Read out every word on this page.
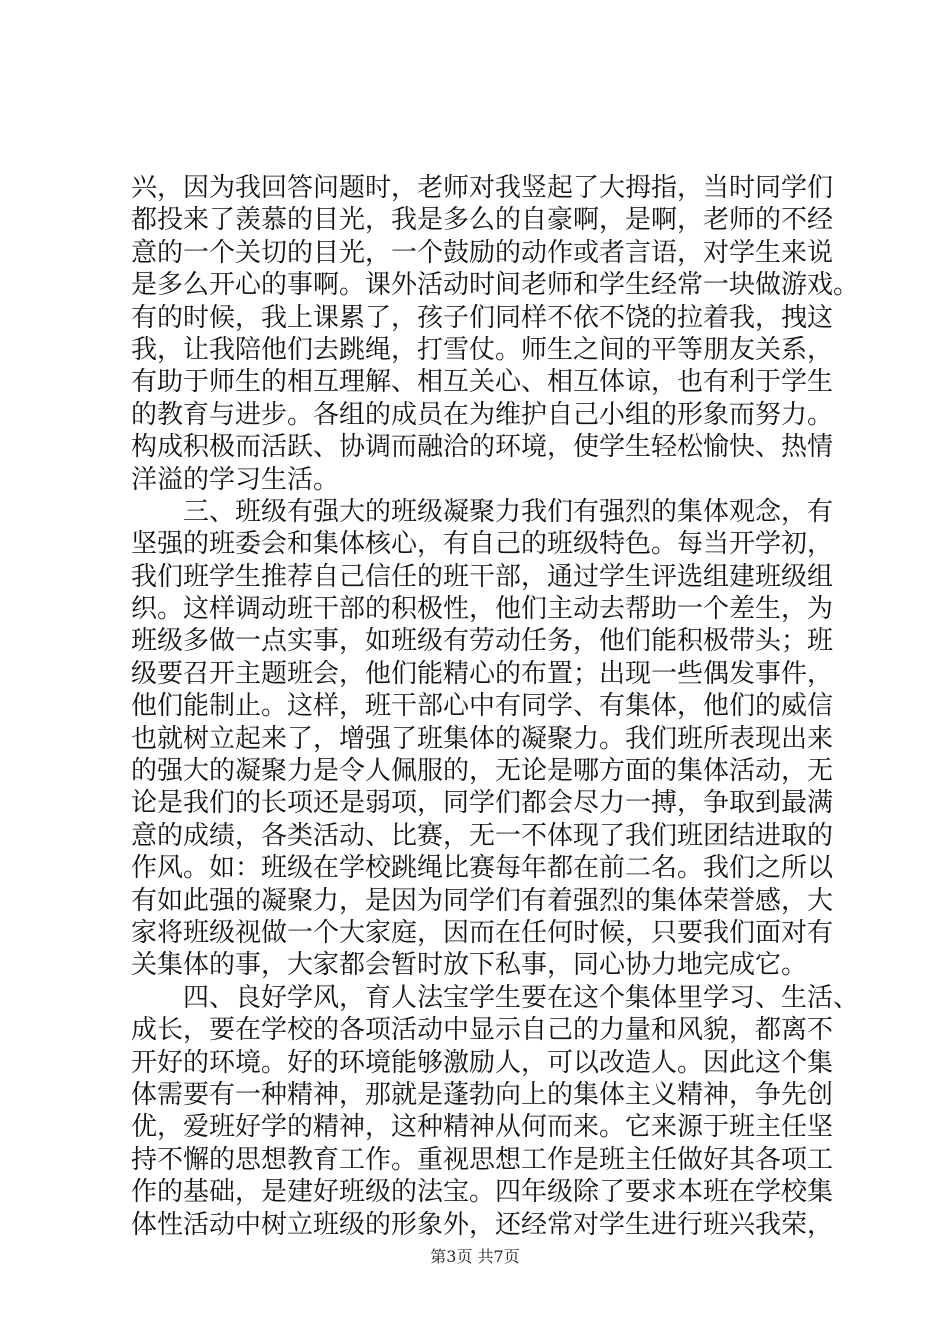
兴，因为我回答问题时，老师对我竖起了大拇指，当时同学们
都投来了羡慕的目光，我是多么的自豪啊，是啊，老师的不经
意的一个关切的目光，一个鼓励的动作或者言语，对学生来说
是多么开心的事啊。课外活动时间老师和学生经常一块做游戏。
有的时候，我上课累了，孩子们同样不依不饶的拉着我，拽这
我，让我陪他们去跳绳，打雪仗。师生之间的平等朋友关系，
有助于师生的相互理解、相互关心、相互体谅，也有利于学生
的教育与进步。各组的成员在为维护自己小组的形象而努力。
构成积极而活跃、协调而融洽的环境，使学生轻松愉快、热情
洋溢的学习生活。
三、班级有强大的班级凝聚力我们有强烈的集体观念，有
坚强的班委会和集体核心，有自己的班级特色。每当开学初，
我们班学生推荐自己信任的班干部，通过学生评选组建班级组
织。这样调动班干部的积极性，他们主动去帮助一个差生，为
班级多做一点实事，如班级有劳动任务，他们能积极带头；班
级要召开主题班会，他们能精心的布置；出现一些偶发事件，
他们能制止。这样，班干部心中有同学、有集体，他们的威信
也就树立起来了，增强了班集体的凝聚力。我们班所表现出来
的强大的凝聚力是令人佩服的，无论是哪方面的集体活动，无
论是我们的长项还是弱项，同学们都会尽力一搏，争取到最满
意的成绩，各类活动、比赛，无一不体现了我们班团结进取的
作风。如：班级在学校跳绳比赛每年都在前二名。我们之所以
有如此强的凝聚力，是因为同学们有着强烈的集体荣誉感，大
家将班级视做一个大家庭，因而在任何时候，只要我们面对有
关集体的事，大家都会暂时放下私事，同心协力地完成它。
四、良好学风，育人法宝学生要在这个集体里学习、生活、
成长，要在学校的各项活动中显示自己的力量和风貌，都离不
开好的环境。好的环境能够激励人，可以改造人。因此这个集
体需要有一种精神，那就是蓬勃向上的集体主义精神，争先创
优，爱班好学的精神，这种精神从何而来。它来源于班主任坚
持不懈的思想教育工作。重视思想工作是班主任做好其各项工
作的基础，是建好班级的法宝。四年级除了要求本班在学校集
体性活动中树立班级的形象外，还经常对学生进行班兴我荣，
第3页 共7页
